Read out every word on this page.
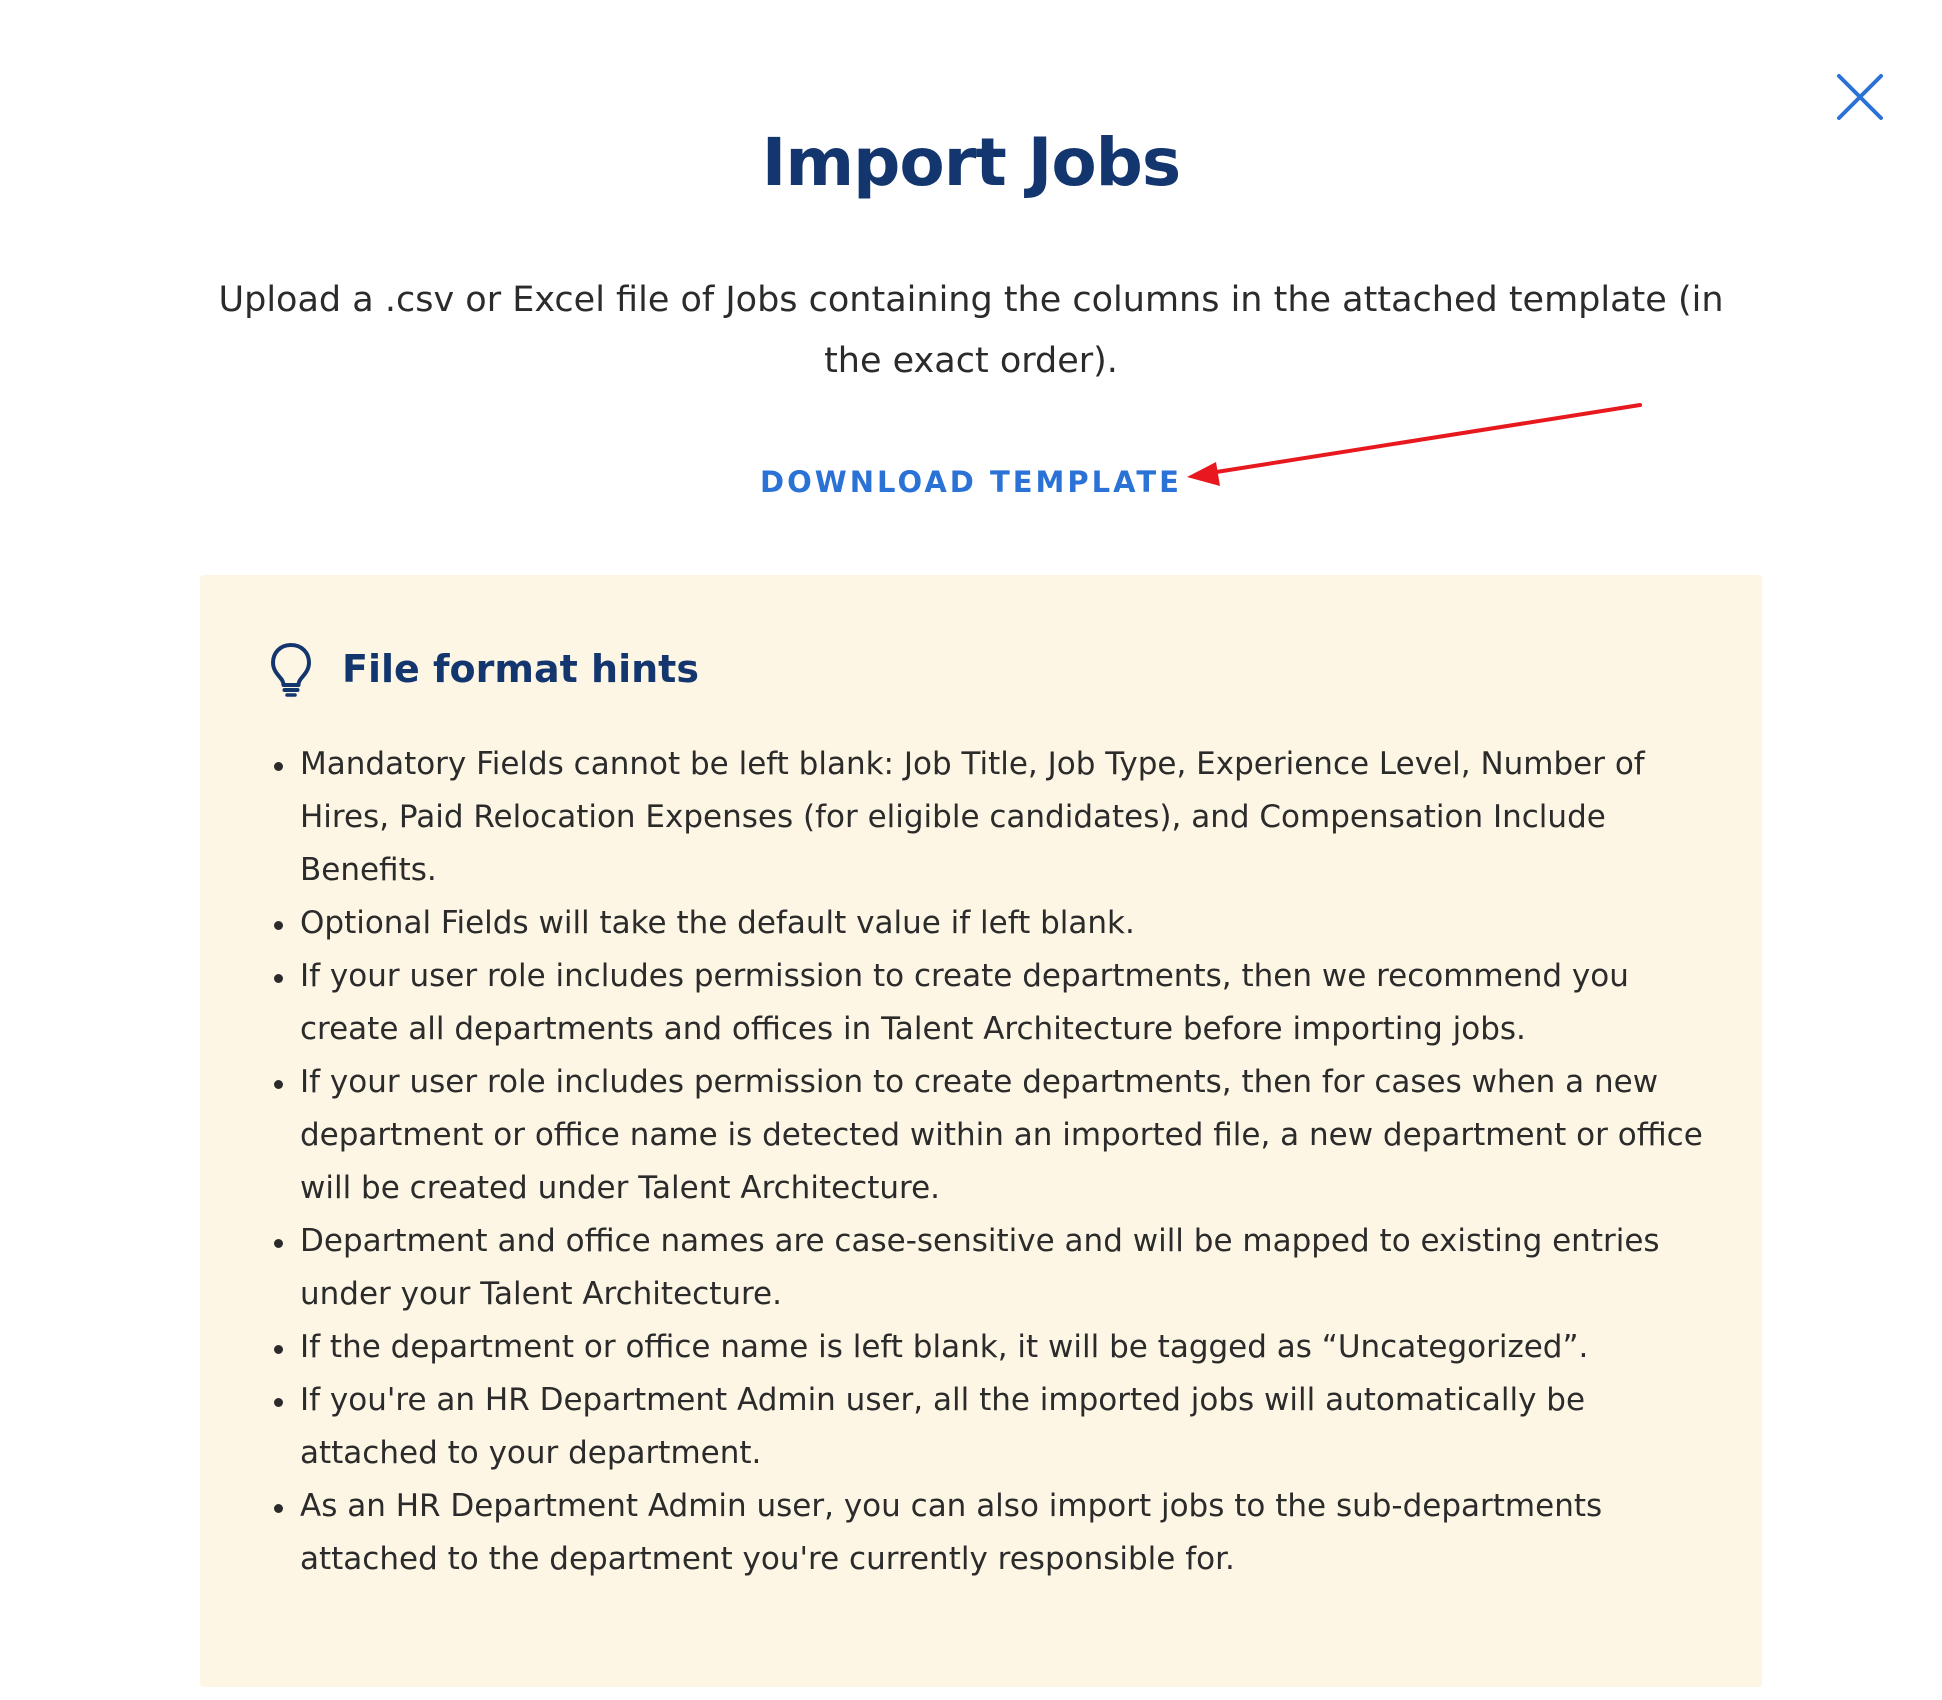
Import Jobs

Upload a .csv or Excel file of Jobs containing the columns in the attached template (in the exact order).

DOWNLOAD TEMPLATE
File format hints
Mandatory Fields cannot be left blank: Job Title, Job Type, Experience Level, Number of Hires, Paid Relocation Expenses (for eligible candidates), and Compensation Include Benefits.
Optional Fields will take the default value if left blank.
If your user role includes permission to create departments, then we recommend you create all departments and offices in Talent Architecture before importing jobs.
If your user role includes permission to create departments, then for cases when a new department or office name is detected within an imported file, a new department or office will be created under Talent Architecture.
Department and office names are case-sensitive and will be mapped to existing entries under your Talent Architecture.
If the department or office name is left blank, it will be tagged as “Uncategorized”.
If you're an HR Department Admin user, all the imported jobs will automatically be attached to your department.
As an HR Department Admin user, you can also import jobs to the sub-departments attached to the department you're currently responsible for.
